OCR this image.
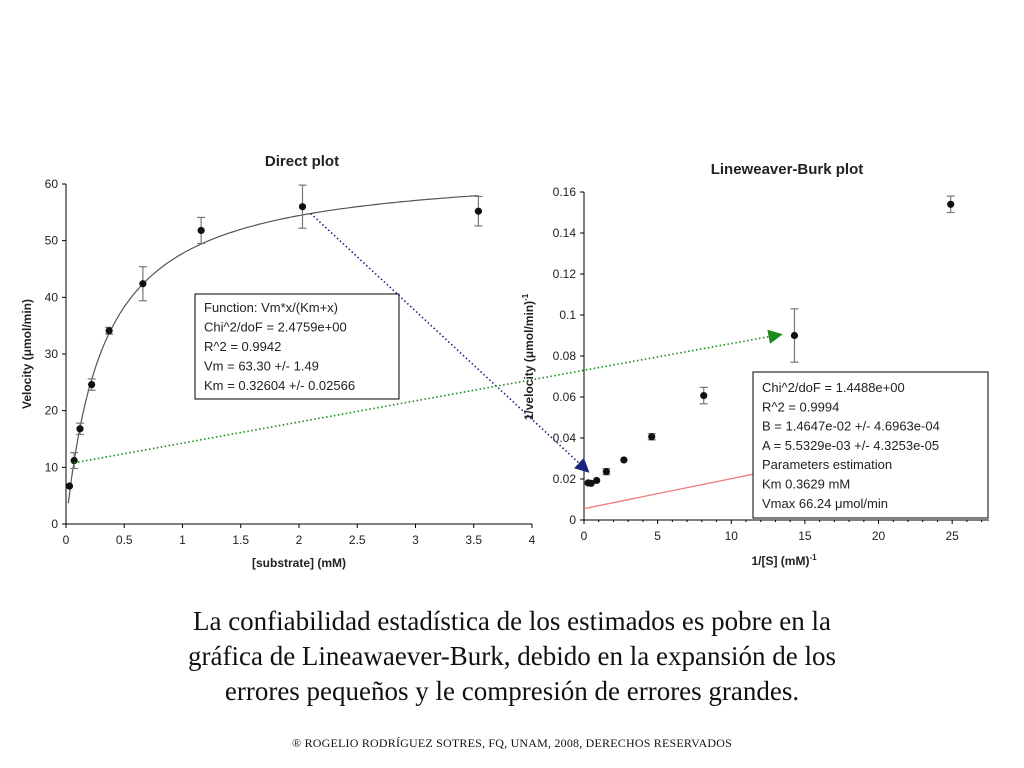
Direct plot
0
10
20
30
40
50
60
0	0.5	1	1.5	2	2.5	3	3.5	4
[substrate] (mM)
Velocity (μmol/min)	Function: Vm*x/(Km+x)
Chi^2/doF = 2.4759e+00
R^2 = 0.9942
Vm = 63.30 +/- 1.49
Km = 0.32604 +/- 0.02566
Lineweaver-Burk plot
0
0.02
0.04
0.06
0.08
0.1
0.12
0.14
0.16
0	5	10	15	20	25
1/[S] (mM)$^{-1}$
1/velocity $(\mu mol/\min)^{-1}$
Chi^2/doF = 1.4488e+00
R^2 = 0.9994
B = 1.4647e-02 +/- 4.6963e-04
A = 5.5329e-03 +/- 4.3253e-05
Parameters estimation
Km 0.3629 mM
Vmax 66.24 μmol/min
La confiabilidad estadística de los estimados es pobre en la
gráfica de Lineawaever-Burk, debido en la expansión de los
errores pequeños y le compresión de errores grandes.
® ROGELIO RODRÍGUEZ SOTRES, FQ, UNAM, 2008, DERECHOS RESERVADOS
